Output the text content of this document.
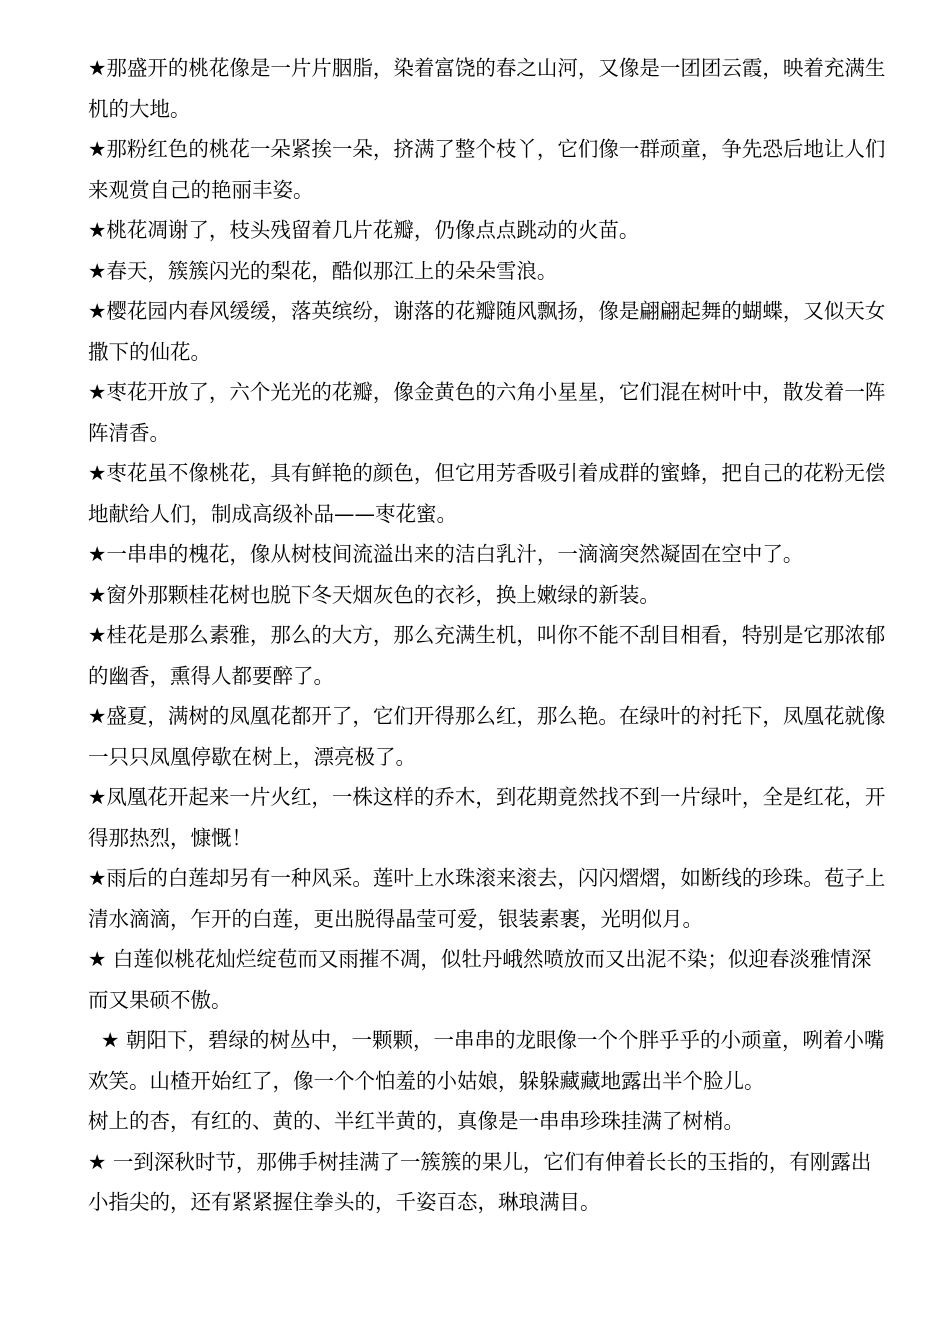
★那盛开的桃花像是一片片胭脂，染着富饶的春之山河，又像是一团团云霞，映着充满生机的大地。

★那粉红色的桃花一朵紧挨一朵，挤满了整个枝丫，它们像一群顽童，争先恐后地让人们来观赏自己的艳丽丰姿。

★桃花凋谢了，枝头残留着几片花瓣，仍像点点跳动的火苗。

★春天，簇簇闪光的梨花，酷似那江上的朵朵雪浪。

★樱花园内春风缓缓，落英缤纷，谢落的花瓣随风飘扬，像是翩翩起舞的蝴蝶，又似天女撒下的仙花。

★枣花开放了，六个光光的花瓣，像金黄色的六角小星星，它们混在树叶中，散发着一阵阵清香。

★枣花虽不像桃花，具有鲜艳的颜色，但它用芳香吸引着成群的蜜蜂，把自己的花粉无偿地献给人们，制成高级补品——枣花蜜。

★一串串的槐花，像从树枝间流溢出来的洁白乳汁，一滴滴突然凝固在空中了。

★窗外那颗桂花树也脱下冬天烟灰色的衣衫，换上嫩绿的新装。

★桂花是那么素雅，那么的大方，那么充满生机，叫你不能不刮目相看，特别是它那浓郁的幽香，熏得人都要醉了。

★盛夏，满树的凤凰花都开了，它们开得那么红，那么艳。在绿叶的衬托下，凤凰花就像一只只凤凰停歇在树上，漂亮极了。

★凤凰花开起来一片火红，一株这样的乔木，到花期竟然找不到一片绿叶，全是红花，开得那热烈，慷慨！

★雨后的白莲却另有一种风采。莲叶上水珠滚来滚去，闪闪熠熠，如断线的珍珠。苞子上清水滴滴，乍开的白莲，更出脱得晶莹可爱，银装素裹，光明似月。

★ 白莲似桃花灿烂绽苞而又雨摧不凋，似牡丹峨然喷放而又出泥不染；似迎春淡雅情深而又果硕不傲。

★ 朝阳下，碧绿的树丛中，一颗颗，一串串的龙眼像一个个胖乎乎的小顽童，咧着小嘴欢笑。山楂开始红了，像一个个怕羞的小姑娘，躲躲藏藏地露出半个脸儿。

树上的杏，有红的、黄的、半红半黄的，真像是一串串珍珠挂满了树梢。

★ 一到深秋时节，那佛手树挂满了一簇簇的果儿，它们有伸着长长的玉指的，有刚露出小指尖的，还有紧紧握住拳头的，千姿百态，琳琅满目。
